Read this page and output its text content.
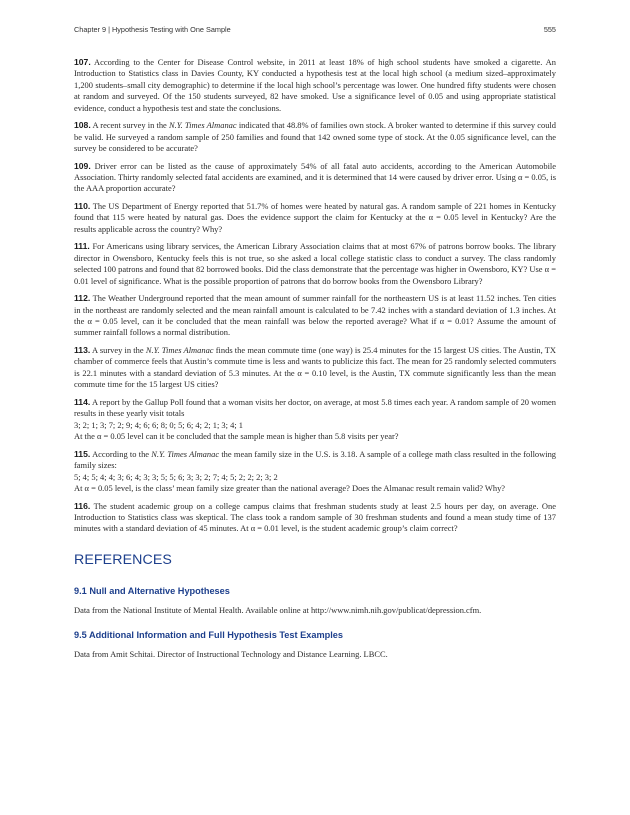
Chapter 9 | Hypothesis Testing with One Sample	555
107. According to the Center for Disease Control website, in 2011 at least 18% of high school students have smoked a cigarette. An Introduction to Statistics class in Davies County, KY conducted a hypothesis test at the local high school (a medium sized–approximately 1,200 students–small city demographic) to determine if the local high school’s percentage was lower. One hundred fifty students were chosen at random and surveyed. Of the 150 students surveyed, 82 have smoked. Use a significance level of 0.05 and using appropriate statistical evidence, conduct a hypothesis test and state the conclusions.
108. A recent survey in the N.Y. Times Almanac indicated that 48.8% of families own stock. A broker wanted to determine if this survey could be valid. He surveyed a random sample of 250 families and found that 142 owned some type of stock. At the 0.05 significance level, can the survey be considered to be accurate?
109. Driver error can be listed as the cause of approximately 54% of all fatal auto accidents, according to the American Automobile Association. Thirty randomly selected fatal accidents are examined, and it is determined that 14 were caused by driver error. Using α = 0.05, is the AAA proportion accurate?
110. The US Department of Energy reported that 51.7% of homes were heated by natural gas. A random sample of 221 homes in Kentucky found that 115 were heated by natural gas. Does the evidence support the claim for Kentucky at the α = 0.05 level in Kentucky? Are the results applicable across the country? Why?
111. For Americans using library services, the American Library Association claims that at most 67% of patrons borrow books. The library director in Owensboro, Kentucky feels this is not true, so she asked a local college statistic class to conduct a survey. The class randomly selected 100 patrons and found that 82 borrowed books. Did the class demonstrate that the percentage was higher in Owensboro, KY? Use α = 0.01 level of significance. What is the possible proportion of patrons that do borrow books from the Owensboro Library?
112. The Weather Underground reported that the mean amount of summer rainfall for the northeastern US is at least 11.52 inches. Ten cities in the northeast are randomly selected and the mean rainfall amount is calculated to be 7.42 inches with a standard deviation of 1.3 inches. At the α = 0.05 level, can it be concluded that the mean rainfall was below the reported average? What if α = 0.01? Assume the amount of summer rainfall follows a normal distribution.
113. A survey in the N.Y. Times Almanac finds the mean commute time (one way) is 25.4 minutes for the 15 largest US cities. The Austin, TX chamber of commerce feels that Austin’s commute time is less and wants to publicize this fact. The mean for 25 randomly selected commuters is 22.1 minutes with a standard deviation of 5.3 minutes. At the α = 0.10 level, is the Austin, TX commute significantly less than the mean commute time for the 15 largest US cities?
114. A report by the Gallup Poll found that a woman visits her doctor, on average, at most 5.8 times each year. A random sample of 20 women results in these yearly visit totals
3; 2; 1; 3; 7; 2; 9; 4; 6; 6; 8; 0; 5; 6; 4; 2; 1; 3; 4; 1
At the α = 0.05 level can it be concluded that the sample mean is higher than 5.8 visits per year?
115. According to the N.Y. Times Almanac the mean family size in the U.S. is 3.18. A sample of a college math class resulted in the following family sizes:
5; 4; 5; 4; 4; 3; 6; 4; 3; 3; 5; 5; 6; 3; 3; 2; 7; 4; 5; 2; 2; 2; 3; 2
At α = 0.05 level, is the class’ mean family size greater than the national average? Does the Almanac result remain valid? Why?
116. The student academic group on a college campus claims that freshman students study at least 2.5 hours per day, on average. One Introduction to Statistics class was skeptical. The class took a random sample of 30 freshman students and found a mean study time of 137 minutes with a standard deviation of 45 minutes. At α = 0.01 level, is the student academic group’s claim correct?
REFERENCES
9.1 Null and Alternative Hypotheses
Data from the National Institute of Mental Health. Available online at http://www.nimh.nih.gov/publicat/depression.cfm.
9.5 Additional Information and Full Hypothesis Test Examples
Data from Amit Schitai. Director of Instructional Technology and Distance Learning. LBCC.
